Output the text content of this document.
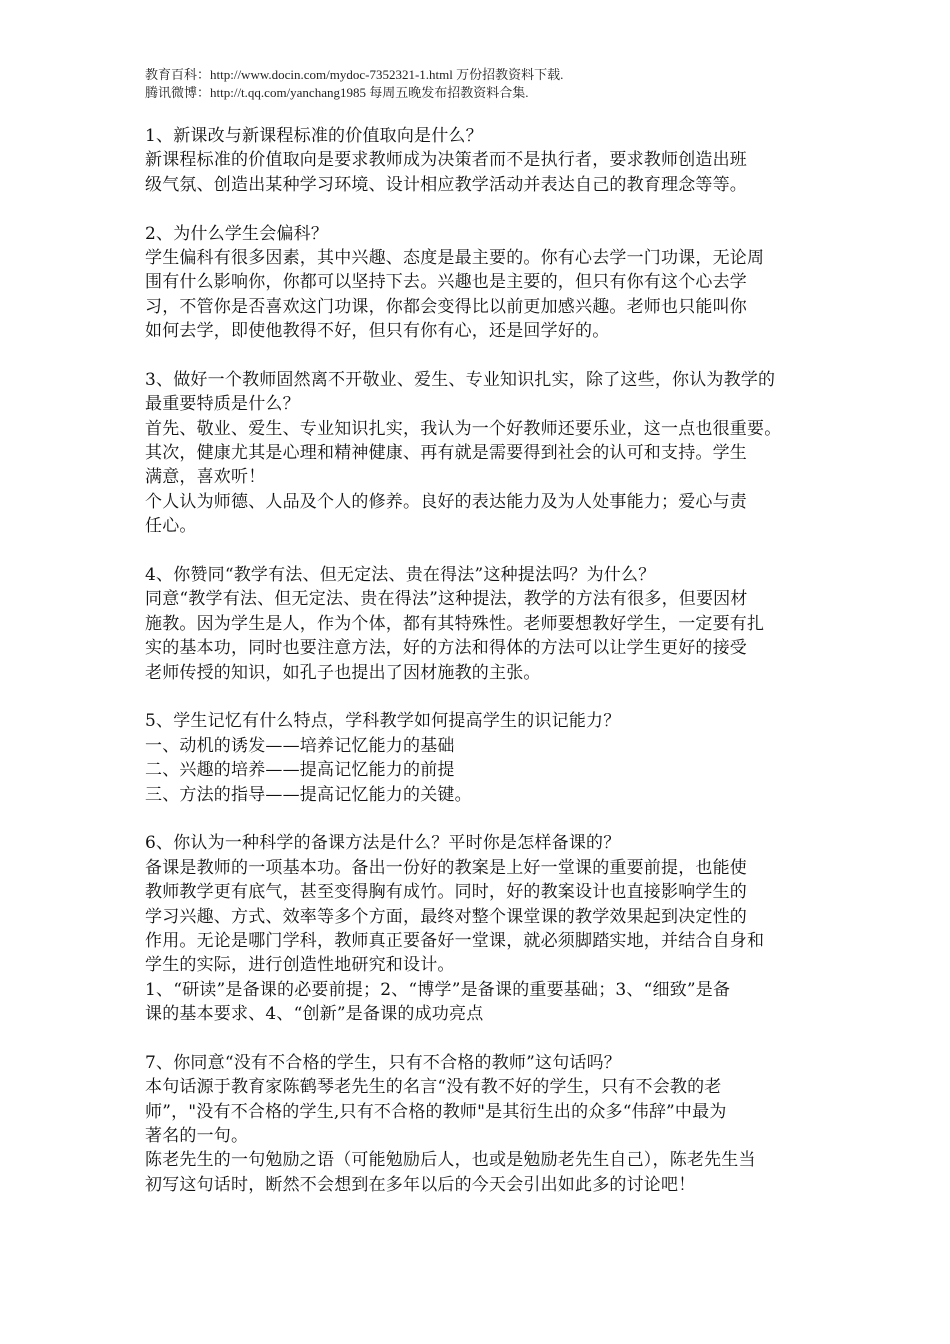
教育百科：http://www.docin.com/mydoc-7352321-1.html 万份招教资料下载.
腾讯微博：http://t.qq.com/yanchang1985 每周五晚发布招教资料合集.
1、新课改与新课程标准的价值取向是什么？
新课程标准的价值取向是要求教师成为决策者而不是执行者，要求教师创造出班
级气氛、创造出某种学习环境、设计相应教学活动并表达自己的教育理念等等。
2、为什么学生会偏科？
学生偏科有很多因素，其中兴趣、态度是最主要的。你有心去学一门功课，无论周
围有什么影响你，你都可以坚持下去。兴趣也是主要的，但只有你有这个心去学
习，不管你是否喜欢这门功课，你都会变得比以前更加感兴趣。老师也只能叫你
如何去学，即使他教得不好，但只有你有心，还是回学好的。
3、做好一个教师固然离不开敬业、爱生、专业知识扎实，除了这些，你认为教学的
最重要特质是什么？
首先、敬业、爱生、专业知识扎实，我认为一个好教师还要乐业，这一点也很重要。
其次，健康尤其是心理和精神健康、再有就是需要得到社会的认可和支持。学生
满意，喜欢听！
个人认为师德、人品及个人的修养。良好的表达能力及为人处事能力；爱心与责
任心。
4、你赞同“教学有法、但无定法、贵在得法”这种提法吗？为什么？
同意“教学有法、但无定法、贵在得法”这种提法，教学的方法有很多，但要因材
施教。因为学生是人，作为个体，都有其特殊性。老师要想教好学生，一定要有扎
实的基本功，同时也要注意方法，好的方法和得体的方法可以让学生更好的接受
老师传授的知识，如孔子也提出了因材施教的主张。
5、学生记忆有什么特点，学科教学如何提高学生的识记能力？
一、动机的诱发——培养记忆能力的基础
二、兴趣的培养——提高记忆能力的前提
三、方法的指导——提高记忆能力的关键。
6、你认为一种科学的备课方法是什么？平时你是怎样备课的？
备课是教师的一项基本功。备出一份好的教案是上好一堂课的重要前提，也能使
教师教学更有底气，甚至变得胸有成竹。同时，好的教案设计也直接影响学生的
学习兴趣、方式、效率等多个方面，最终对整个课堂课的教学效果起到决定性的
作用。无论是哪门学科，教师真正要备好一堂课，就必须脚踏实地，并结合自身和
学生的实际，进行创造性地研究和设计。
1、“研读”是备课的必要前提；2、“博学”是备课的重要基础；3、“细致”是备
课的基本要求、4、“创新”是备课的成功亮点
7、你同意“没有不合格的学生，只有不合格的教师”这句话吗？
本句话源于教育家陈鹤琴老先生的名言“没有教不好的学生，只有不会教的老
师”，"没有不合格的学生,只有不合格的教师"是其衍生出的众多“伟辞”中最为
著名的一句。
陈老先生的一句勉励之语（可能勉励后人，也或是勉励老先生自己），陈老先生当
初写这句话时，断然不会想到在多年以后的今天会引出如此多的讨论吧！
